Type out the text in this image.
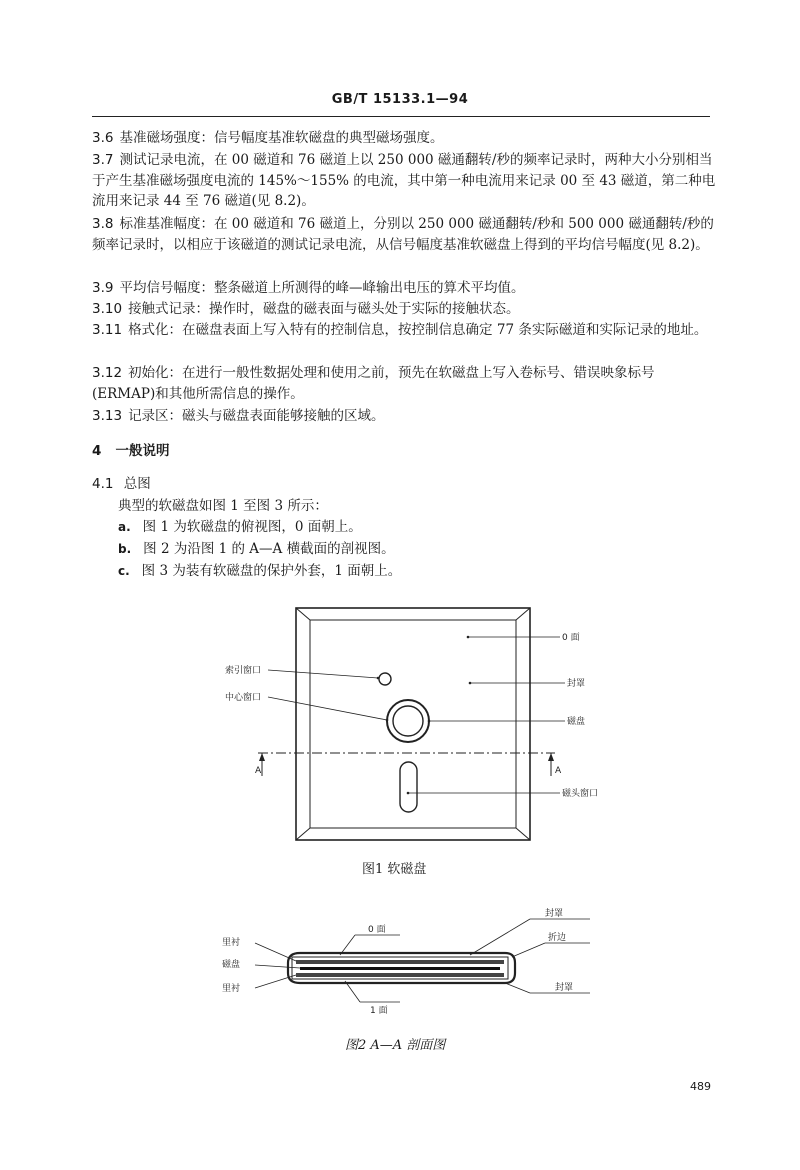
GB/T 15133.1—94
3.6 基准磁场强度：信号幅度基准软磁盘的典型磁场强度。
3.7 测试记录电流，在 00 磁道和 76 磁道上以 250 000 磁通翻转/秒的频率记录时，两种大小分别相当于产生基准磁场强度电流的 145%～155% 的电流，其中第一种电流用来记录 00 至 43 磁道，第二种电流用来记录 44 至 76 磁道(见 8.2)。
3.8 标准基准幅度：在 00 磁道和 76 磁道上，分别以 250 000 磁通翻转/秒和 500 000 磁通翻转/秒的频率记录时，以相应于该磁道的测试记录电流，从信号幅度基准软磁盘上得到的平均信号幅度(见 8.2)。
3.9 平均信号幅度：整条磁道上所测得的峰—峰输出电压的算术平均值。
3.10 接触式记录：操作时，磁盘的磁表面与磁头处于实际的接触状态。
3.11 格式化：在磁盘表面上写入特有的控制信息，按控制信息确定 77 条实际磁道和实际记录的地址。
3.12 初始化：在进行一般性数据处理和使用之前，预先在软磁盘上写入卷标号、错误映象标号(ERMAP)和其他所需信息的操作。
3.13 记录区：磁头与磁盘表面能够接触的区域。
4 一般说明
4.1 总图
典型的软磁盘如图 1 至图 3 所示：
a. 图 1 为软磁盘的俯视图，0 面朝上。
b. 图 2 为沿图 1 的 A—A 横截面的剖视图。
c. 图 3 为装有软磁盘的保护外套，1 面朝上。
A	A
索引窗口
中心窗口
0 面
封罩
磁盘
磁头窗口
图1 软磁盘
里衬
磁盘
里衬
0 面
1 面
封罩
折边
封罩
图2 A—A 剖面图
489
